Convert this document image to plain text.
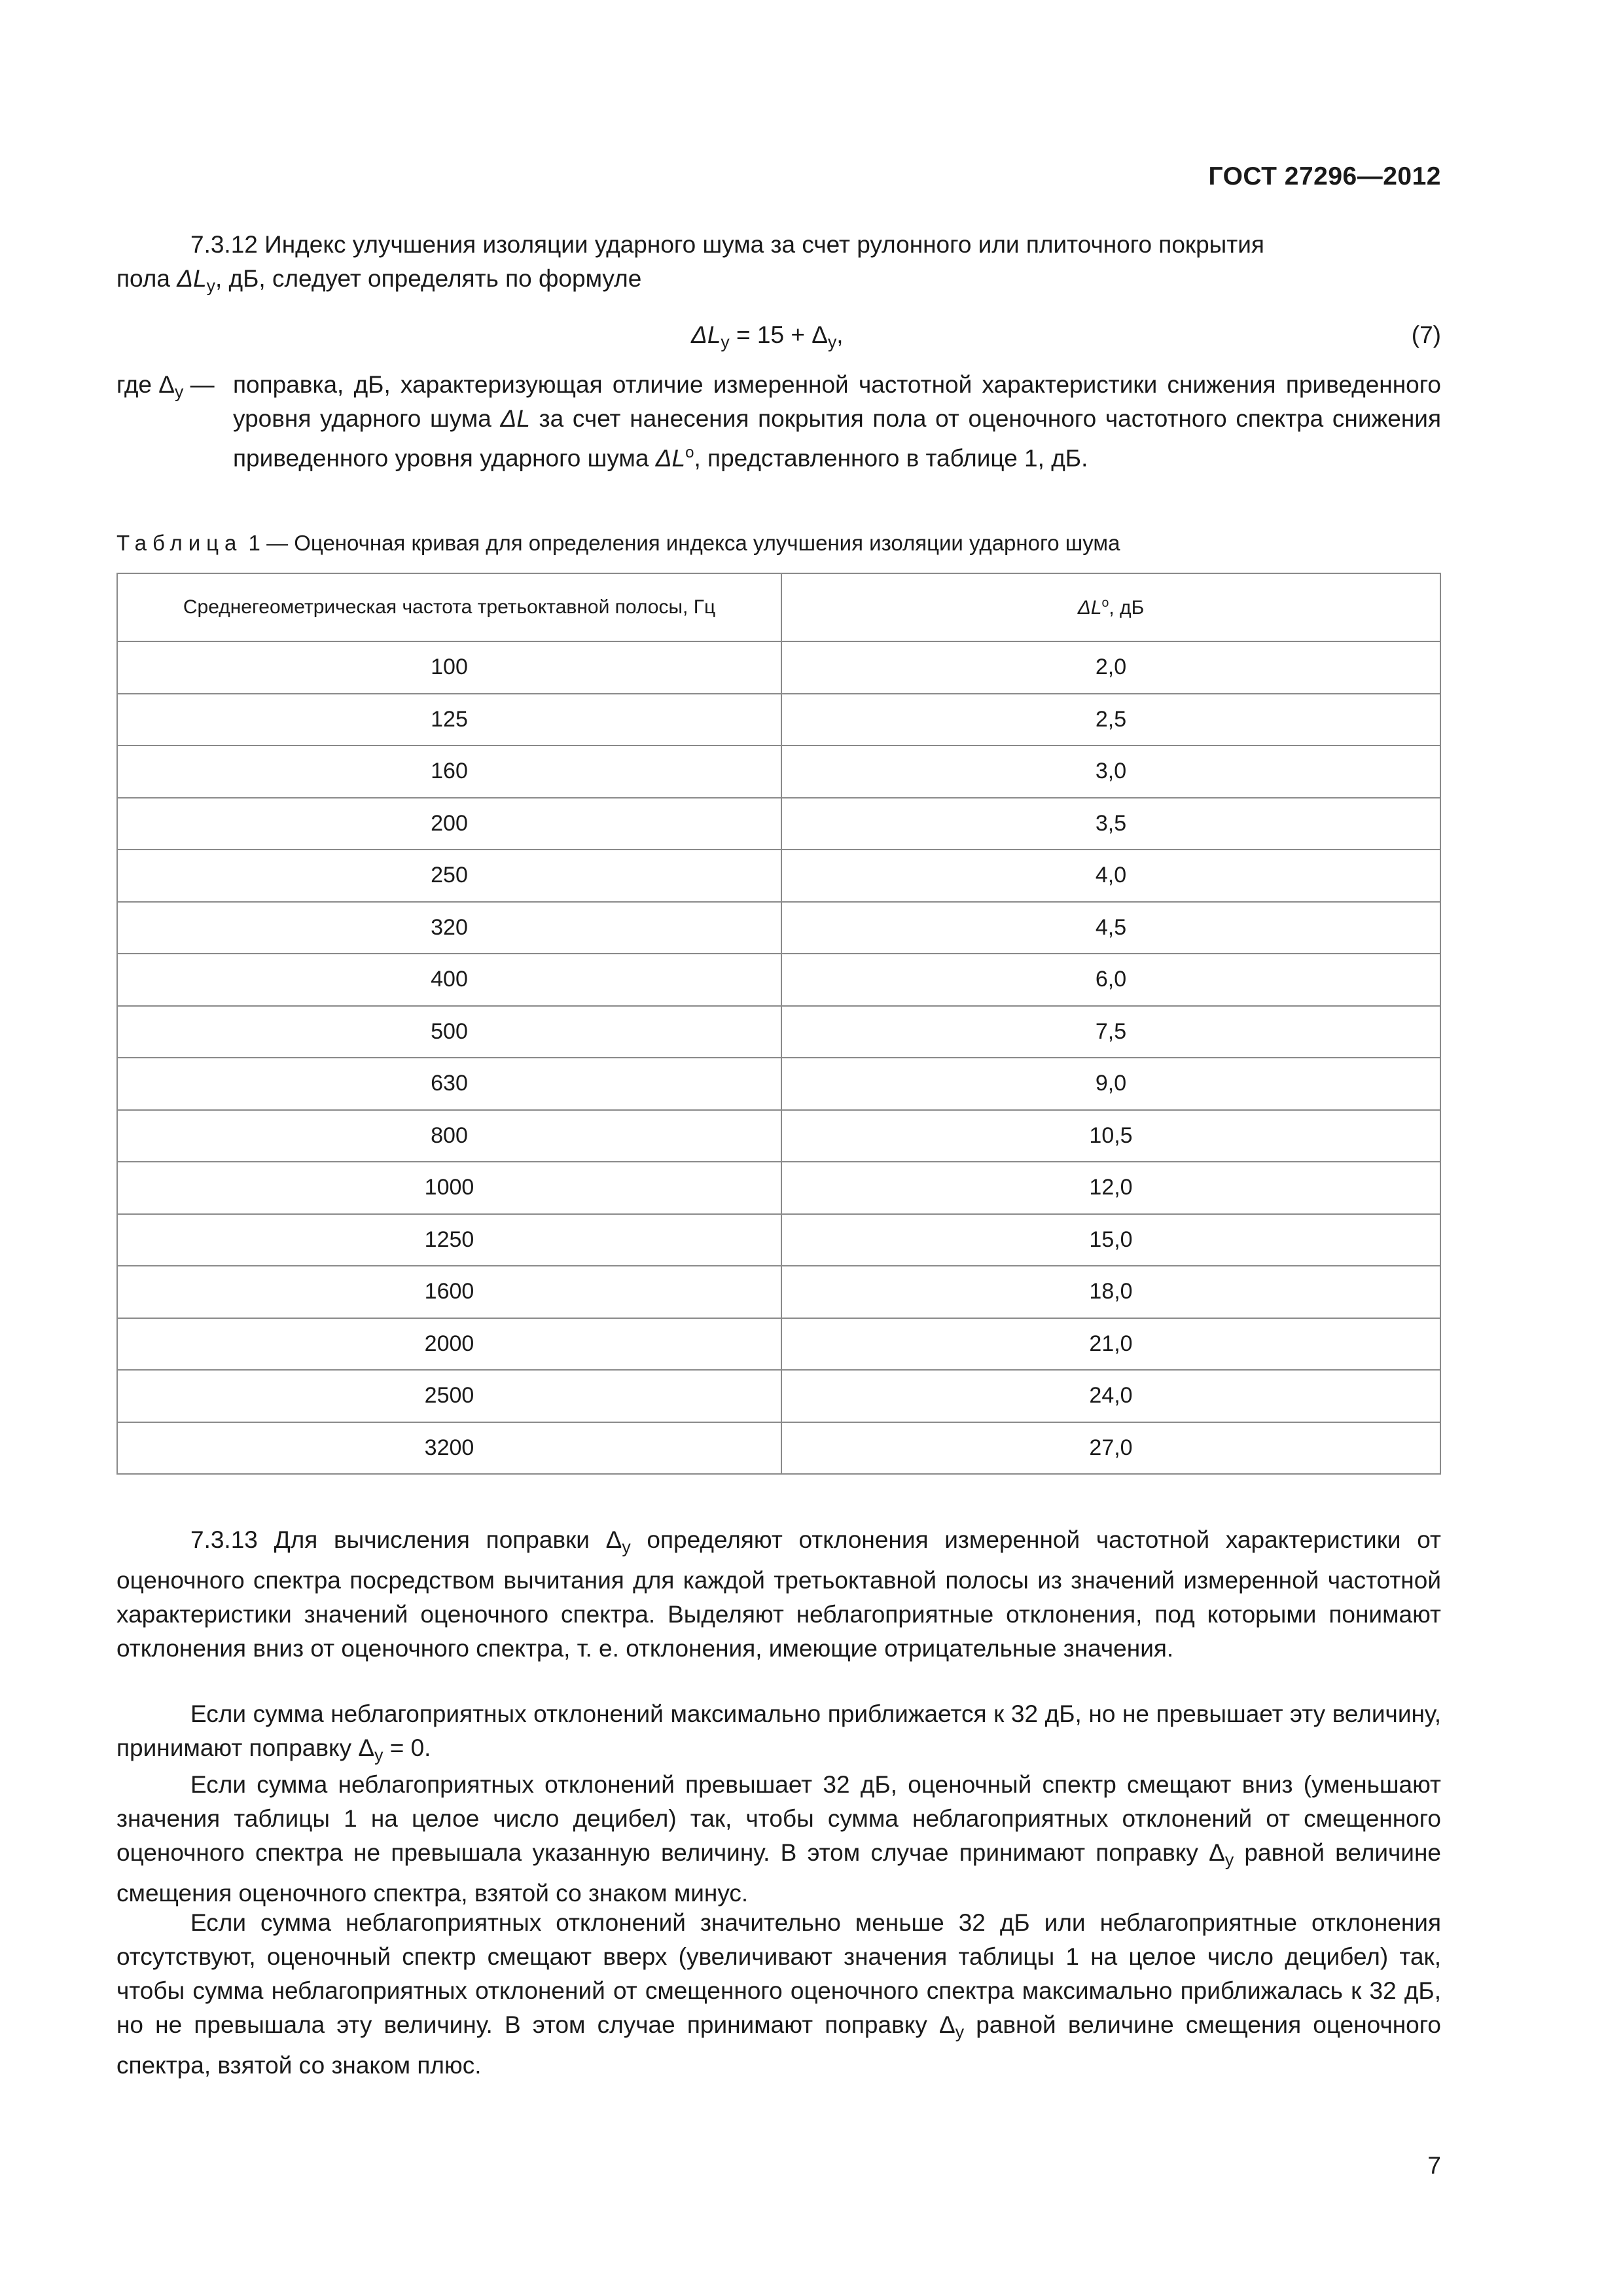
ГОСТ 27296—2012
7.3.12 Индекс улучшения изоляции ударного шума за счет рулонного или плиточного покрытия
пола $\Delta L_у$, дБ, следует определять по формуле
$\Delta L_у = 15 + \Delta_у$,	(7)
где $\Delta_у$ — поправка, дБ, характеризующая отличие измеренной частотной характеристики снижения приведенного уровня ударного шума ΔL за счет нанесения покрытия пола от оценочного частотного спектра снижения приведенного уровня ударного шума $\Delta L^о$, представленного в таблице 1, дБ.
Таблица 1 — Оценочная кривая для определения индекса улучшения изоляции ударного шума
Среднегеометрическая частота третьоктавной полосы, Гц	$\Delta L^о$, дБ
100	2,0
125	2,5
160	3,0
200	3,5
250	4,0
320	4,5
400	6,0
500	7,5
630	9,0
800	10,5
1000	12,0
1250	15,0
1600	18,0
2000	21,0
2500	24,0
3200	27,0
7.3.13 Для вычисления поправки $\Delta_у$ определяют отклонения измеренной частотной характеристики от оценочного спектра посредством вычитания для каждой третьоктавной полосы из значений измеренной частотной характеристики значений оценочного спектра. Выделяют неблагоприятные отклонения, под которыми понимают отклонения вниз от оценочного спектра, т. е. отклонения, имеющие отрицательные значения.
Если сумма неблагоприятных отклонений максимально приближается к 32 дБ, но не превышает эту величину, принимают поправку $\Delta_у = 0$.
Если сумма неблагоприятных отклонений превышает 32 дБ, оценочный спектр смещают вниз (уменьшают значения таблицы 1 на целое число децибел) так, чтобы сумма неблагоприятных отклонений от смещенного оценочного спектра не превышала указанную величину. В этом случае принимают поправку $\Delta_у$ равной величине смещения оценочного спектра, взятой со знаком минус.
Если сумма неблагоприятных отклонений значительно меньше 32 дБ или неблагоприятные отклонения отсутствуют, оценочный спектр смещают вверх (увеличивают значения таблицы 1 на целое число децибел) так, чтобы сумма неблагоприятных отклонений от смещенного оценочного спектра максимально приближалась к 32 дБ, но не превышала эту величину. В этом случае принимают поправку $\Delta_у$ равной величине смещения оценочного спектра, взятой со знаком плюс.
7
